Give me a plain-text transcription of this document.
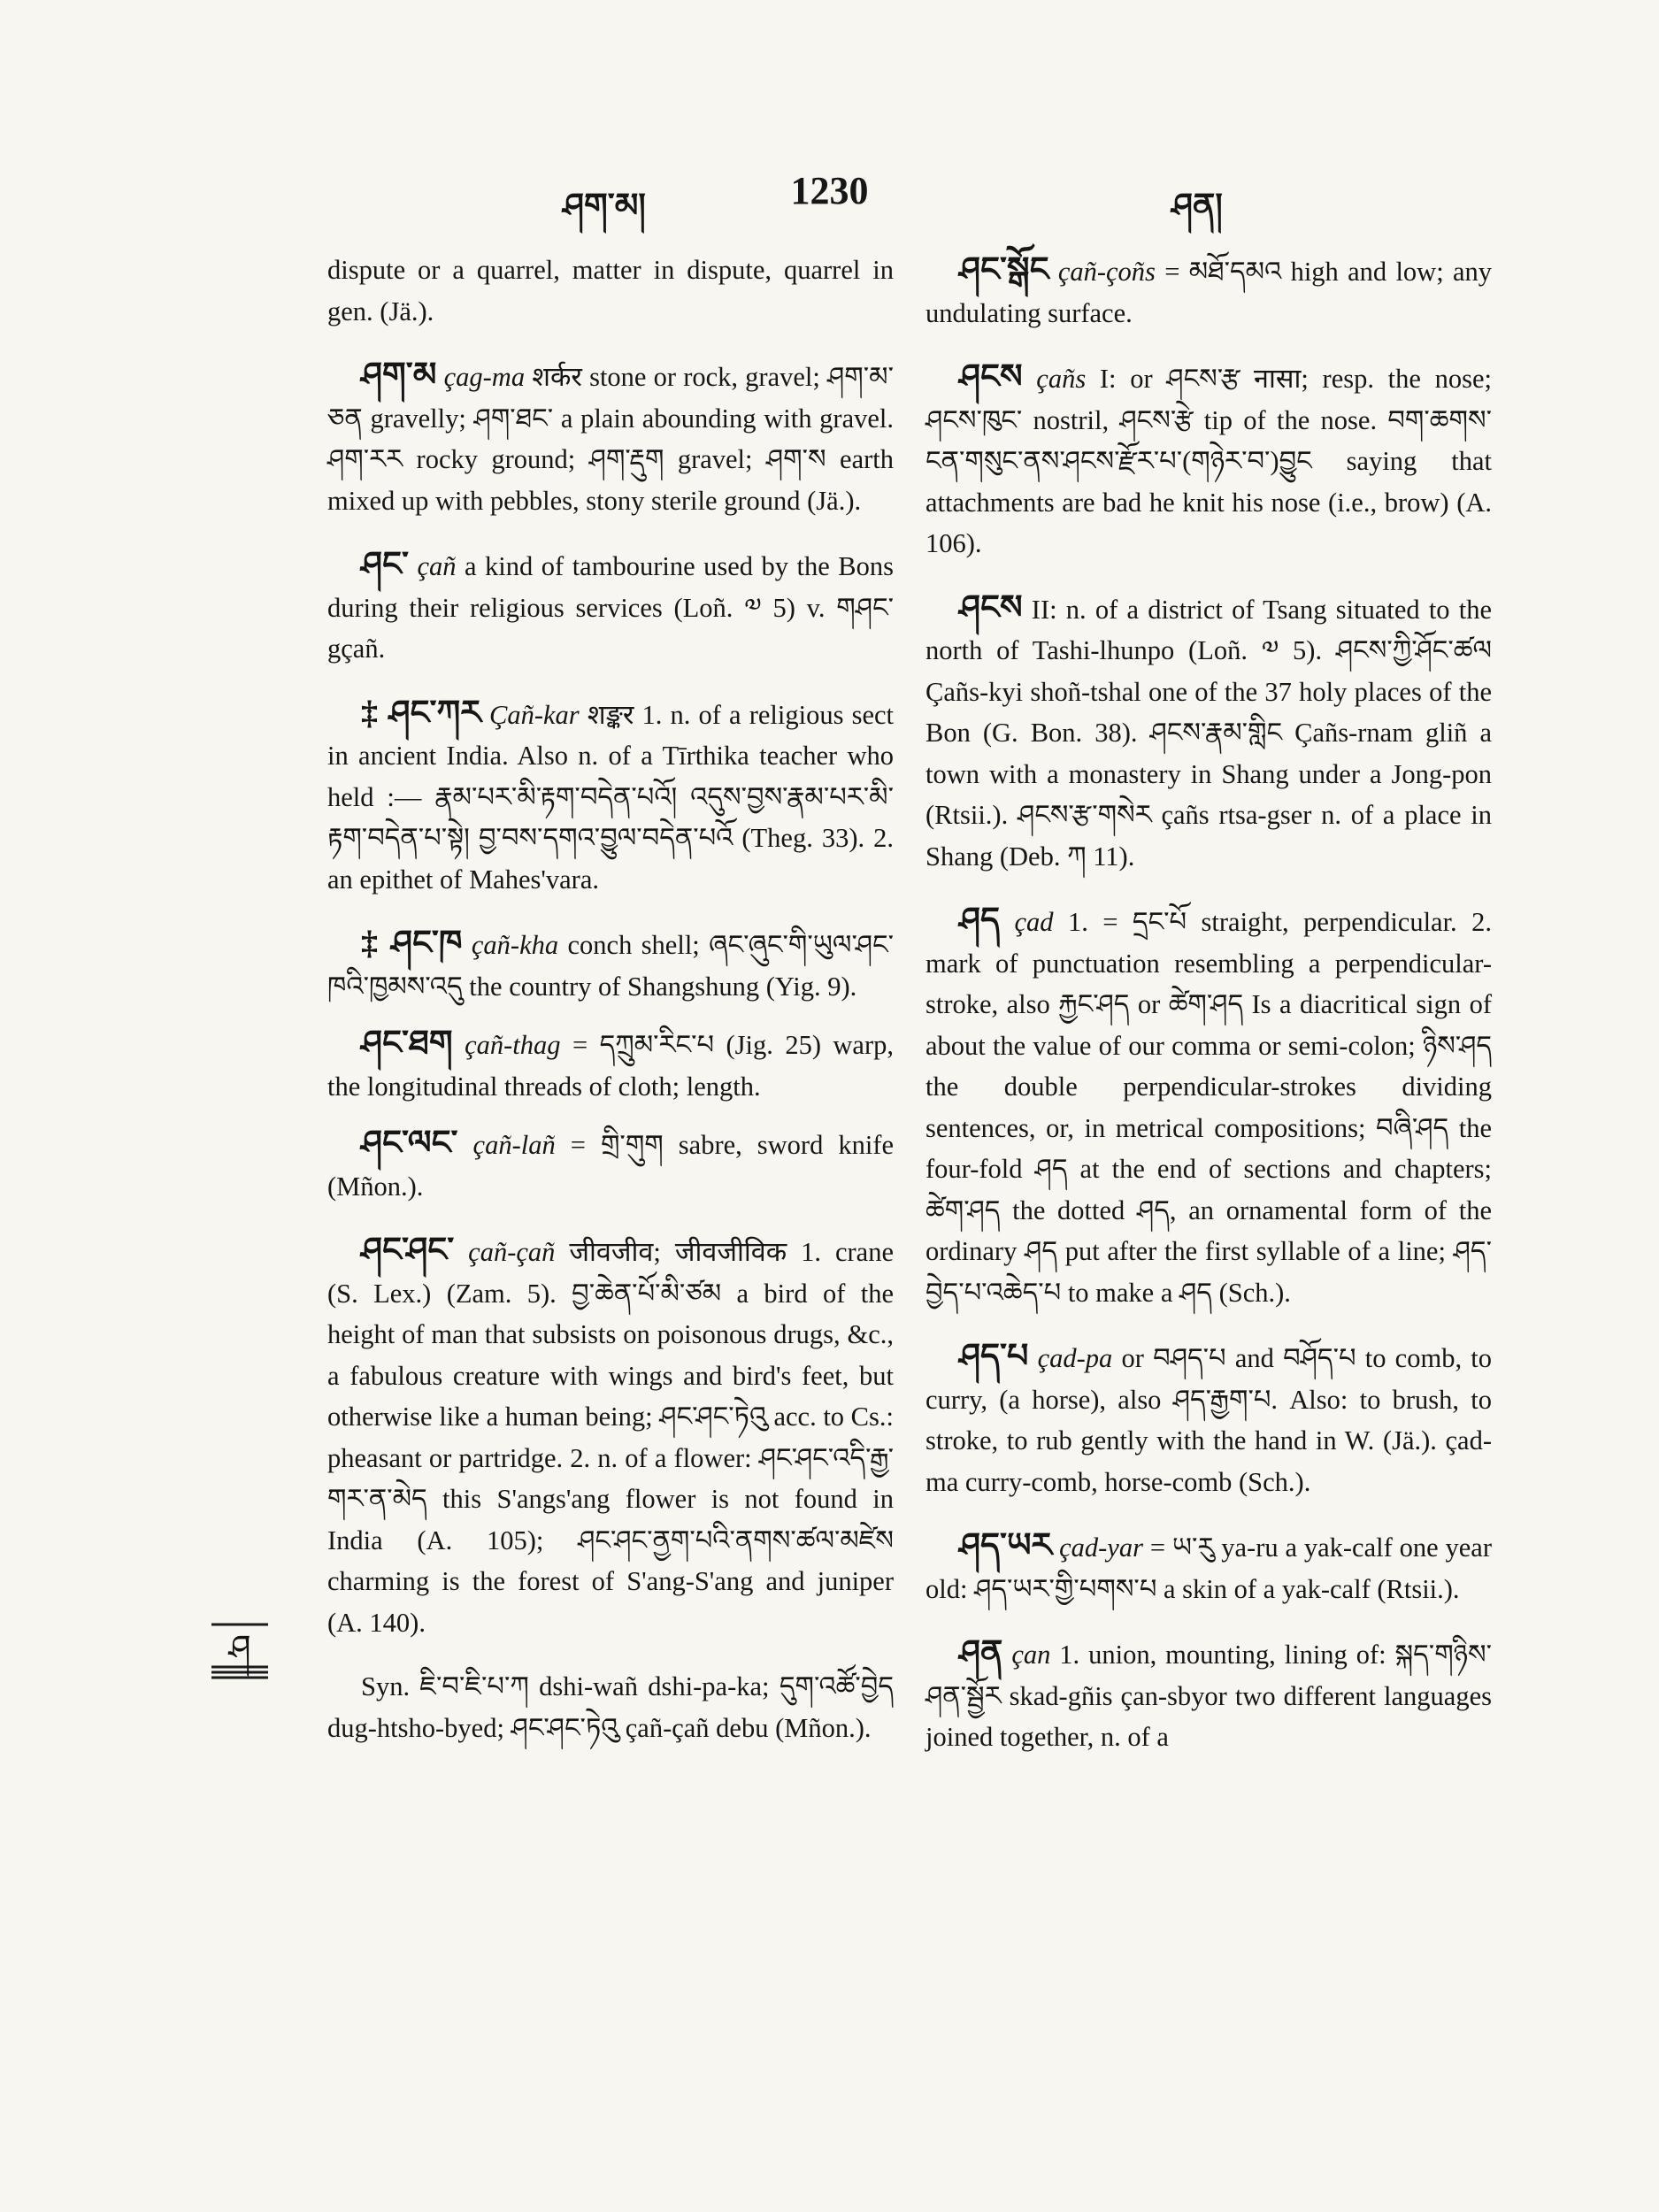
ཤག་མ།	1230	ཤན།
ཤ
dispute or a quarrel, matter in dispute, quarrel in gen. (Jä.).
ཤག་མ çag-ma शर्कर stone or rock, gravel; ཤག་མ་ཅན gravelly; ཤག་ཐང་ a plain abounding with gravel. ཤག་རར rocky ground; ཤག་རྡུག gravel; ཤག་ས earth mixed up with pebbles, stony sterile ground (Jä.).
ཤང་ çañ a kind of tambourine used by the Bons during their religious services (Loñ. ༧ 5) v. གཤང་ gçañ.
‡ ཤང་ཀར Çañ-kar शङ्कर 1. n. of a religious sect in ancient India. Also n. of a Tīrthika teacher who held :— རྣམ་པར་མི་རྟག་བདེན་པའོ། འདུས་བྱས་རྣམ་པར་མི་རྟག་བདེན་པ་སྟེ། བྱ་བས་དགའ་བྱུལ་བདེན་པའོ (Theg. 33). 2. an epithet of Mahes'vara.
‡ ཤང་ཁ çañ-kha conch shell; ཞང་ཞུང་གི་ཡུལ་ཤང་ཁའི་ཁྱམས་འདུ the country of Shangshung (Yig. 9).
ཤང་ཐག çañ-thag = དཀྲུམ་རིང་པ (Jig. 25) warp, the longitudinal threads of cloth; length.
ཤང་ལང་ çañ-lañ = གྲི་གུག sabre, sword knife (Mñon.).
ཤང་ཤང་ çañ-çañ जीवजीव; जीवजीविक 1. crane (S. Lex.) (Zam. 5). བྱ་ཆེན་པོ་མི་ཙམ a bird of the height of man that subsists on poisonous drugs, &c., a fabulous creature with wings and bird's feet, but otherwise like a human being; ཤང་ཤང་ཏེའུ acc. to Cs.: pheasant or partridge. 2. n. of a flower: ཤང་ཤང་འདི་རྒྱ་གར་ན་མེད this S'angs'ang flower is not found in India (A. 105); ཤང་ཤང་ནྱག་པའི་ནགས་ཚལ་མཛེས charming is the forest of S'ang-S'ang and juniper (A. 140).
Syn. ཇི་བ་ཇི་པ་ཀ dshi-wañ dshi-pa-ka; དུག་འཚོ་བྱེད dug-htsho-byed; ཤང་ཤང་ཏེའུ çañ-çañ debu (Mñon.).
ཤང་སྒོང çañ-çoñs = མཐོ་དམའ high and low; any undulating surface.
ཤངས çañs I: or ཤངས་རྩ नासा; resp. the nose; ཤངས་ཁུང་ nostril, ཤངས་རྩེ tip of the nose. བག་ཆགས་ངན་གསུང་ནས་ཤངས་རྫོར་པ་(གཉེར་བ་)བྱུང saying that attachments are bad he knit his nose (i.e., brow) (A. 106).
ཤངས II: n. of a district of Tsang situated to the north of Tashi-lhunpo (Loñ. ༧ 5). ཤངས་ཀྱི་ཤོང་ཚལ Çañs-kyi shoñ-tshal one of the 37 holy places of the Bon (G. Bon. 38). ཤངས་རྣམ་གླིང Çañs-rnam gliñ a town with a monastery in Shang under a Jong-pon (Rtsii.). ཤངས་རྩ་གསེར çañs rtsa-gser n. of a place in Shang (Deb. ཀ 11).
ཤད çad 1. = དྲང་པོ straight, perpendicular. 2. mark of punctuation resembling a perpendicular-stroke, also རྐྱང་ཤད or ཚེག་ཤད Is a diacritical sign of about the value of our comma or semi-colon; ཉིས་ཤད the double perpendicular-strokes dividing sentences, or, in metrical compositions; བཞི་ཤད the four-fold ཤད at the end of sections and chapters; ཚེག་ཤད the dotted ཤད, an ornamental form of the ordinary ཤད put after the first syllable of a line; ཤད་བྱེད་པ་འཆེད་པ to make a ཤད (Sch.).
ཤད་པ çad-pa or བཤད་པ and བཤོད་པ to comb, to curry, (a horse), also ཤད་རྒྱག་པ. Also: to brush, to stroke, to rub gently with the hand in W. (Jä.). çad-ma curry-comb, horse-comb (Sch.).
ཤད་ཡར çad-yar = ཡ་རུ ya-ru a yak-calf one year old: ཤད་ཡར་གྱི་པགས་པ a skin of a yak-calf (Rtsii.).
ཤན çan 1. union, mounting, lining of: སྐད་གཉིས་ཤན་སྦྱོར skad-gñis çan-sbyor two different languages joined together, n. of a
